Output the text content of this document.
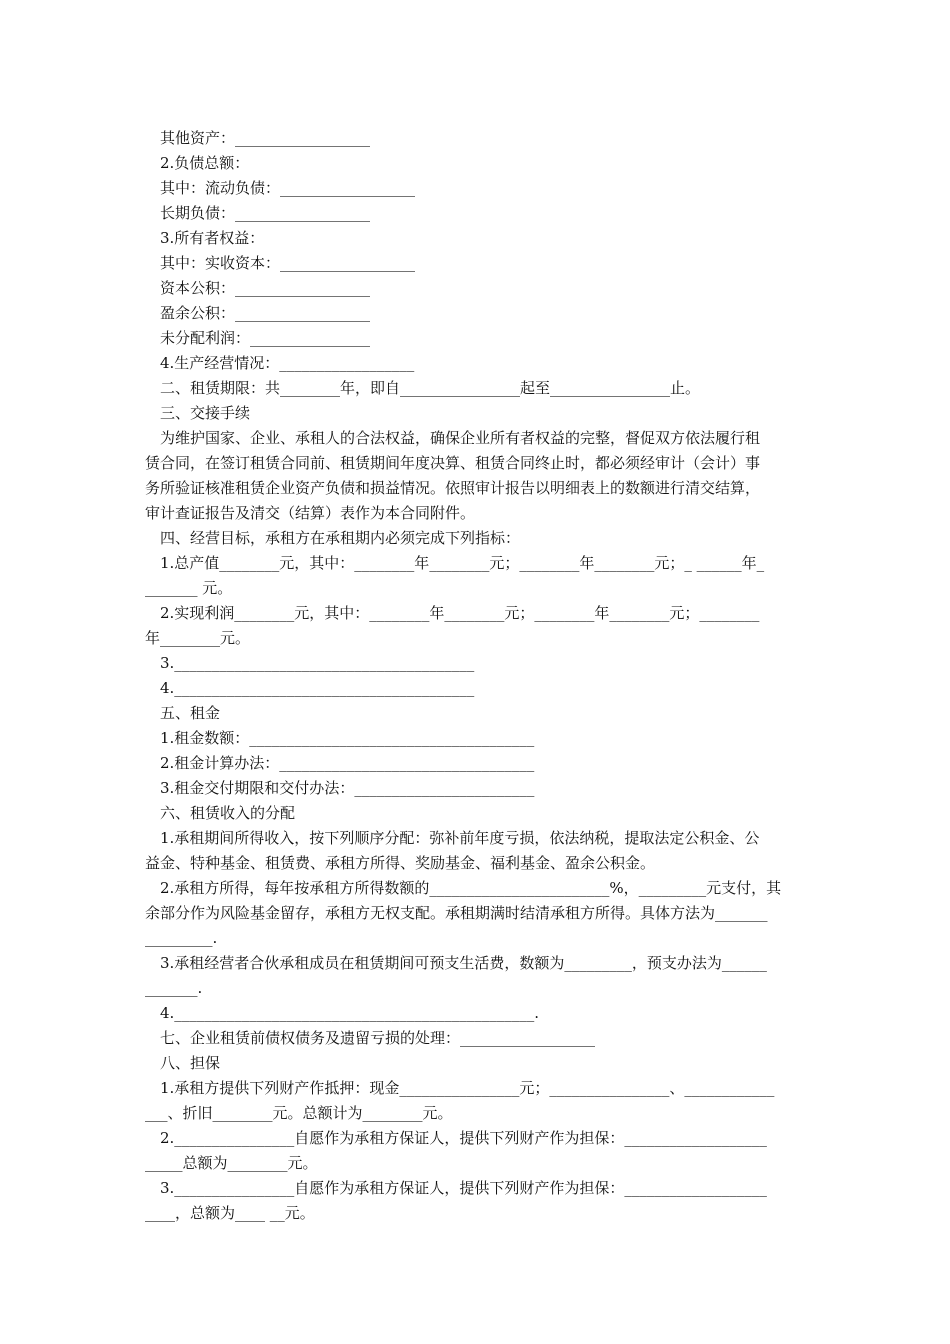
其他资产：__________________
2.负债总额：
其中：流动负债：__________________
长期负债：__________________
3.所有者权益：
其中：实收资本：__________________
资本公积：__________________
盈余公积：__________________
未分配利润：________________
4.生产经营情况：__________________
二、租赁期限：共________年，即自________________起至________________止。
三、交接手续
为维护国家、企业、承租人的合法权益，确保企业所有者权益的完整，督促双方依法履行租
赁合同，在签订租赁合同前、租赁期间年度决算、租赁合同终止时，都必须经审计（会计）事
务所验证核准租赁企业资产负债和损益情况。依照审计报告以明细表上的数额进行清交结算，
审计查证报告及清交（结算）表作为本合同附件。
四、经营目标，承租方在承租期内必须完成下列指标：
1.总产值________元，其中：________年________元；________年________元；_ ______年_
_______ 元。
2.实现利润________元，其中：________年________元；________年________元；________
年________元。
3.________________________________________
4.________________________________________
五、租金
1.租金数额：______________________________________
2.租金计算办法：__________________________________
3.租金交付期限和交付办法：________________________
六、租赁收入的分配
1.承租期间所得收入，按下列顺序分配：弥补前年度亏损，依法纳税，提取法定公积金、公
益金、特种基金、租赁费、承租方所得、奖励基金、福利基金、盈余公积金。
2.承租方所得，每年按承租方所得数额的________________________%，_________元支付，其
余部分作为风险基金留存，承租方无权支配。承租期满时结清承租方所得。具体方法为_______
_________.
3.承租经营者合伙承租成员在租赁期间可预支生活费，数额为_________，预支办法为______
_______.
4.________________________________________________.
七、企业租赁前债权债务及遗留亏损的处理：__________________
八、担保
1.承租方提供下列财产作抵押：现金________________元；________________、____________
___、折旧________元。总额计为________元。
2.________________自愿作为承租方保证人，提供下列财产作为担保：___________________
_____总额为________元。
3.________________自愿作为承租方保证人，提供下列财产作为担保：___________________
____，总额为____ __元。
